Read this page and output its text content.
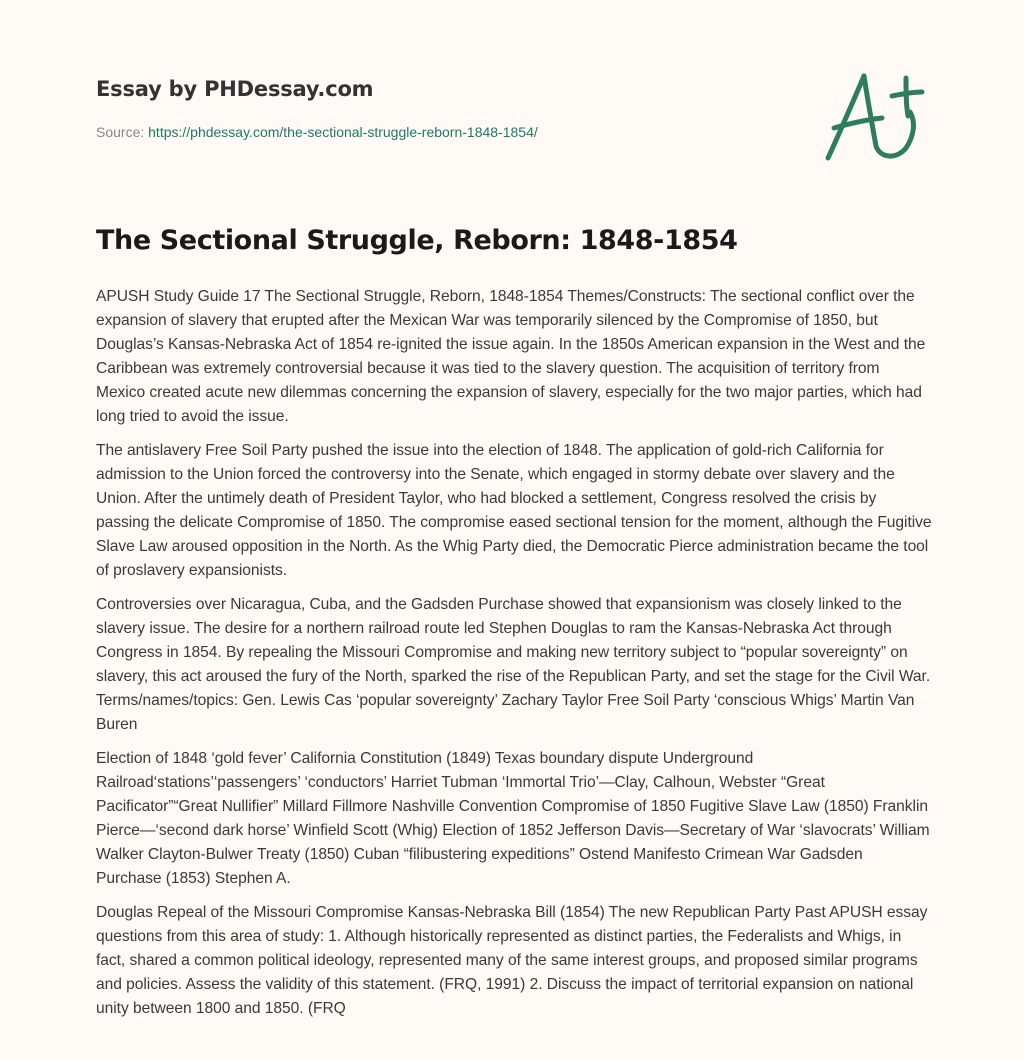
Essay by PHDessay.com
Source: https://phdessay.com/the-sectional-struggle-reborn-1848-1854/
The Sectional Struggle, Reborn: 1848-1854

APUSH Study Guide 17 The Sectional Struggle, Reborn, 1848-1854 Themes/Constructs: The sectional conflict over the expansion of slavery that erupted after the Mexican War was temporarily silenced by the Compromise of 1850, but Douglas’s Kansas-Nebraska Act of 1854 re-ignited the issue again. In the 1850s American expansion in the West and the Caribbean was extremely controversial because it was tied to the slavery question. The acquisition of territory from Mexico created acute new dilemmas concerning the expansion of slavery, especially for the two major parties, which had long tried to avoid the issue.

The antislavery Free Soil Party pushed the issue into the election of 1848. The application of gold-rich California for admission to the Union forced the controversy into the Senate, which engaged in stormy debate over slavery and the Union. After the untimely death of President Taylor, who had blocked a settlement, Congress resolved the crisis by passing the delicate Compromise of 1850. The compromise eased sectional tension for the moment, although the Fugitive Slave Law aroused opposition in the North. As the Whig Party died, the Democratic Pierce administration became the tool of proslavery expansionists.

Controversies over Nicaragua, Cuba, and the Gadsden Purchase showed that expansionism was closely linked to the slavery issue. The desire for a northern railroad route led Stephen Douglas to ram the Kansas-Nebraska Act through Congress in 1854. By repealing the Missouri Compromise and making new territory subject to “popular sovereignty” on slavery, this act aroused the fury of the North, sparked the rise of the Republican Party, and set the stage for the Civil War. Terms/names/topics: Gen. Lewis Cas ‘popular sovereignty’ Zachary Taylor Free Soil Party ‘conscious Whigs’ Martin Van Buren

Election of 1848 ‘gold fever’ California Constitution (1849) Texas boundary dispute Underground Railroad‘stations’‘passengers’ ‘conductors’ Harriet Tubman ‘Immortal Trio’—Clay, Calhoun, Webster “Great Pacificator”“Great Nullifier” Millard Fillmore Nashville Convention Compromise of 1850 Fugitive Slave Law (1850) Franklin Pierce—‘second dark horse’ Winfield Scott (Whig) Election of 1852 Jefferson Davis—Secretary of War ‘slavocrats’ William Walker Clayton-Bulwer Treaty (1850) Cuban “filibustering expeditions” Ostend Manifesto Crimean War Gadsden Purchase (1853) Stephen A.

Douglas Repeal of the Missouri Compromise Kansas-Nebraska Bill (1854) The new Republican Party Past APUSH essay questions from this area of study: 1. Although historically represented as distinct parties, the Federalists and Whigs, in fact, shared a common political ideology, represented many of the same interest groups, and proposed similar programs and policies. Assess the validity of this statement. (FRQ, 1991) 2. Discuss the impact of territorial expansion on national unity between 1800 and 1850. (FRQ
